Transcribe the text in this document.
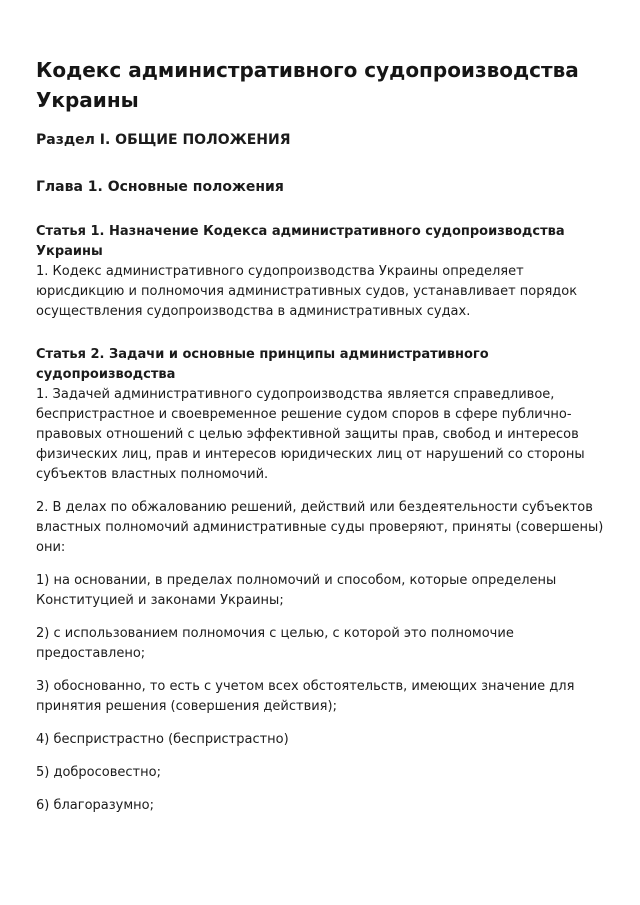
Кодекс административного судопроизводства Украины
Раздел I. ОБЩИЕ ПОЛОЖЕНИЯ
Глава 1. Основные положения

Статья 1. Назначение Кодекса административного судопроизводства Украины

1. Кодекс административного судопроизводства Украины определяет юрисдикцию и полномочия административных судов, устанавливает порядок осуществления судопроизводства в административных судах.

Статья 2. Задачи и основные принципы административного судопроизводства

1. Задачей административного судопроизводства является справедливое, беспристрастное и своевременное решение судом споров в сфере публично-правовых отношений с целью эффективной защиты прав, свобод и интересов физических лиц, прав и интересов юридических лиц от нарушений со стороны субъектов властных полномочий.

2. В делах по обжалованию решений, действий или бездеятельности субъектов властных полномочий административные суды проверяют, приняты (совершены) они:

1) на основании, в пределах полномочий и способом, которые определены Конституцией и законами Украины;

2) с использованием полномочия с целью, с которой это полномочие предоставлено;

3) обоснованно, то есть с учетом всех обстоятельств, имеющих значение для принятия решения (совершения действия);

4) беспристрастно (беспристрастно)

5) добросовестно;

6) благоразумно;
